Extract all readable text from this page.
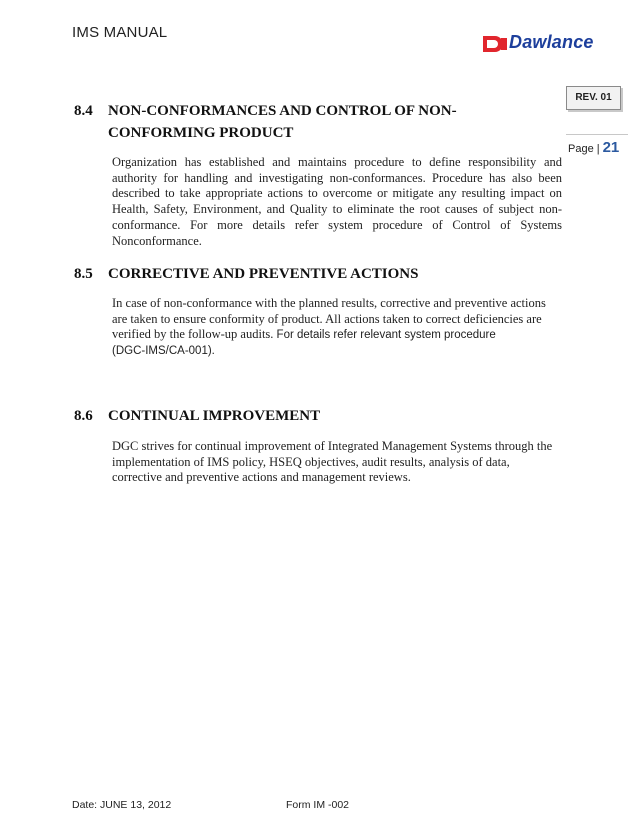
IMS MANUAL	Dawlance
REV. 01
Page | 21
8.4 NON-CONFORMANCES AND CONTROL OF NON-
CONFORMING PRODUCT
Organization has established and maintains procedure to define responsibility and authority for handling and investigating non-conformances. Procedure has also been described to take appropriate actions to overcome or mitigate any resulting impact on Health, Safety, Environment, and Quality to eliminate the root causes of subject non-conformance. For more details refer system procedure of Control of Systems Nonconformance.
8.5 CORRECTIVE AND PREVENTIVE ACTIONS
In case of non-conformance with the planned results, corrective and preventive actions
are taken to ensure conformity of product. All actions taken to correct deficiencies are
verified by the follow-up audits. For details refer relevant system procedure
(DGC-IMS/CA-001).
8.6 CONTINUAL IMPROVEMENT
DGC strives for continual improvement of Integrated Management Systems through the
implementation of IMS policy, HSEQ objectives, audit results, analysis of data,
corrective and preventive actions and management reviews.
Date: JUNE 13, 2012	Form IM -002
